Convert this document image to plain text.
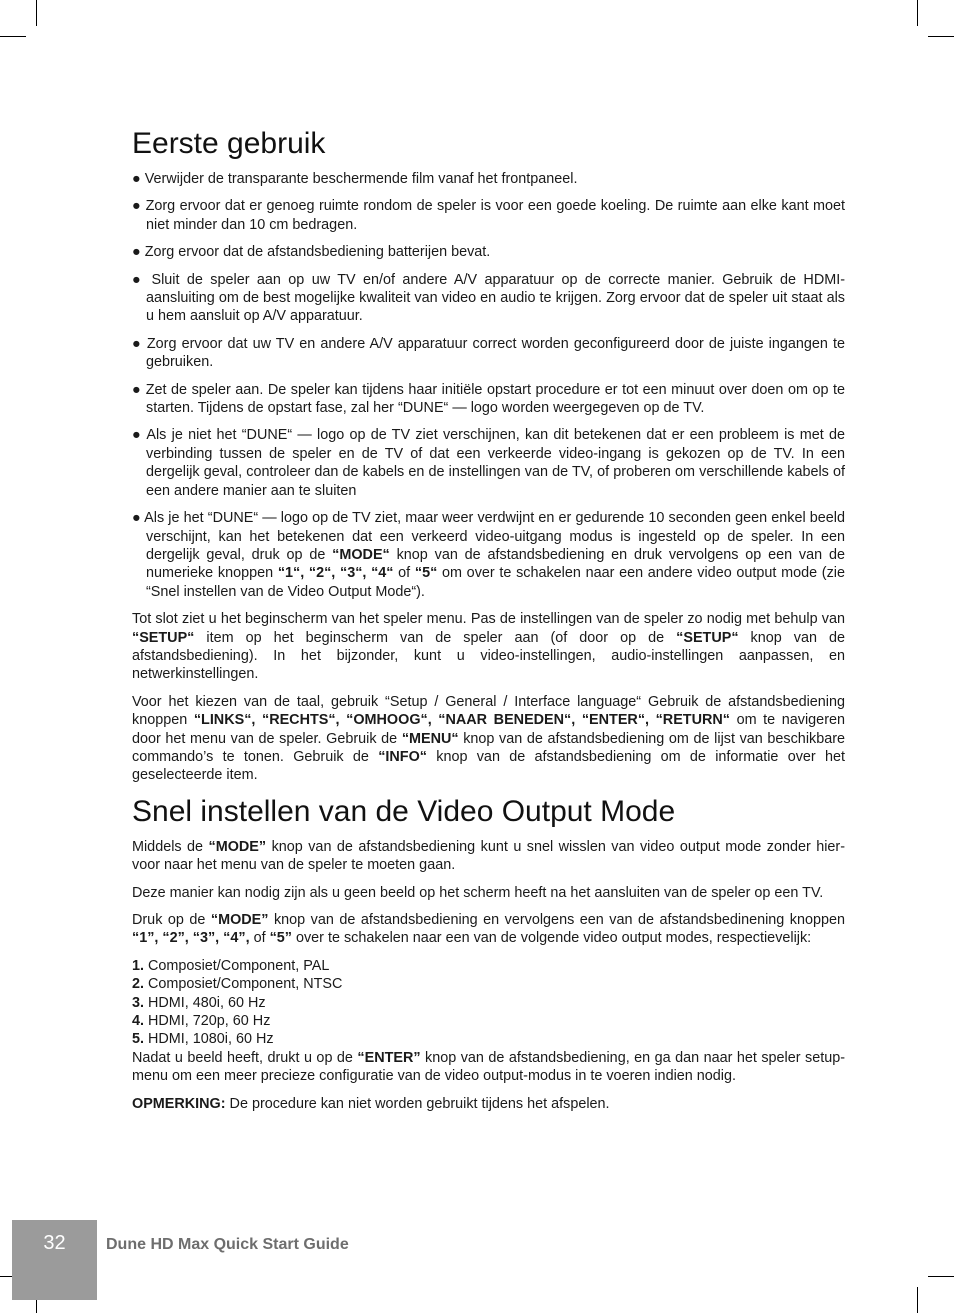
Eerste gebruik
● Verwijder de transparante beschermende film vanaf het frontpaneel.
● Zorg ervoor dat er genoeg ruimte rondom de speler is voor een goede koeling. De ruimte aan elke kant moet niet minder dan 10 cm bedragen.
● Zorg ervoor dat de afstandsbediening batterijen bevat.
● Sluit de speler aan op uw TV en/of andere A/V apparatuur op de correcte manier. Gebruik de HDMI-aansluiting om de best mogelijke kwaliteit van video en audio te krijgen. Zorg ervoor dat de speler uit staat als u hem aansluit op A/V apparatuur.
● Zorg ervoor dat uw TV en andere A/V apparatuur correct worden geconfigureerd door de juiste ingangen te gebruiken.
● Zet de speler aan. De speler kan tijdens haar initiële opstart procedure er tot een minuut over doen om op te starten. Tijdens de opstart fase, zal her “DUNE“ — logo worden weergegeven op de TV.
● Als je niet het “DUNE“ — logo op de TV ziet verschijnen, kan dit betekenen dat er een probleem is met de verbinding tussen de speler en de TV of dat een verkeerde video-ingang is gekozen op de TV. In een dergelijk geval, controleer dan de kabels en de instellingen van de TV, of proberen om verschillende kabels of een andere manier aan te sluiten
● Als je het “DUNE“ — logo op de TV ziet, maar weer verdwijnt en er gedurende 10 seconden geen enkel beeld verschijnt, kan het betekenen dat een verkeerd video-uitgang modus is ingesteld op de speler. In een dergelijk geval, druk op de “MODE“ knop van de afstandsbediening en druk vervolgens op een van de numerieke knoppen “1“, “2“, “3“, “4“ of “5“ om over te schakelen naar een andere video output mode (zie “Snel instellen van de Video Output Mode“).

Tot slot ziet u het beginscherm van het speler menu. Pas de instellingen van de speler zo nodig met behulp van “SETUP“ item op het beginscherm van de speler aan (of door op de “SETUP“ knop van de afstandsbediening). In het bijzonder, kunt u video-instellingen, audio-instellingen aanpassen, en netwerkinstellingen.

Voor het kiezen van de taal, gebruik “Setup / General / Interface language“ Gebruik de afstandsbediening knoppen “LINKS“, “RECHTS“, “OMHOOG“, “NAAR BENEDEN“, “ENTER“, “RETURN“ om te navigeren door het menu van de speler. Gebruik de “MENU“ knop van de afstandsbediening om de lijst van beschikbare commando’s te tonen. Gebruik de “INFO“ knop van de afstandsbediening om de informatie over het geselecteerde item.

Snel instellen van de Video Output Mode

Middels de “MODE” knop van de afstandsbediening kunt u snel wisslen van video output mode zonder hier-voor naar het menu van de speler te moeten gaan.

Deze manier kan nodig zijn als u geen beeld op het scherm heeft na het aansluiten van de speler op een TV.

Druk op de “MODE” knop van de afstandsbediening en vervolgens een van de afstandsbedinening knoppen “1”, “2”, “3”, “4”, of “5” over te schakelen naar een van de volgende video output modes, respectievelijk:

1. Composiet/Component, PAL
2. Composiet/Component, NTSC
3. HDMI, 480i, 60 Hz
4. HDMI, 720p, 60 Hz
5. HDMI, 1080i, 60 Hz

Nadat u beeld heeft, drukt u op de “ENTER” knop van de afstandsbediening, en ga dan naar het speler setup-menu om een meer precieze configuratie van de video output-modus in te voeren indien nodig.

OPMERKING: De procedure kan niet worden gebruikt tijdens het afspelen.

32	Dune HD Max Quick Start Guide
